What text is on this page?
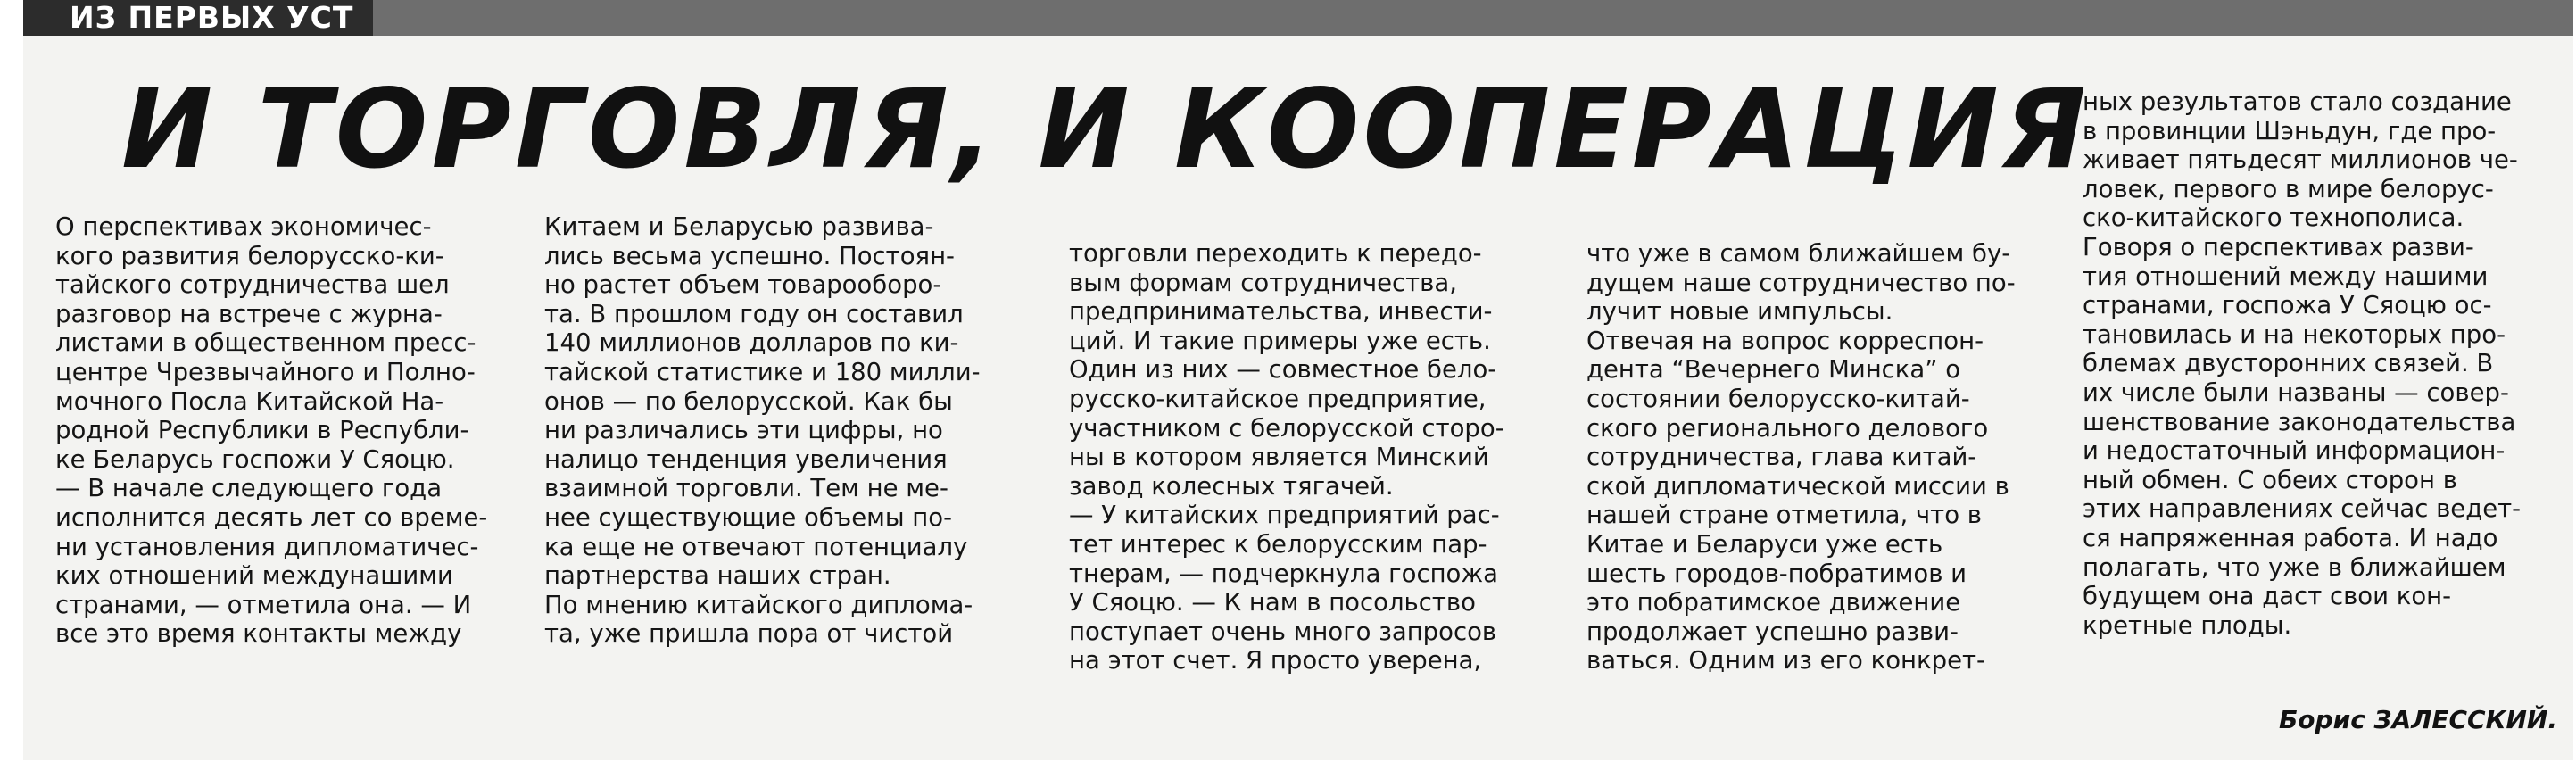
ИЗ ПЕРВЫХ УСТ
И ТОРГОВЛЯ, И КООПЕРАЦИЯ

О перспективах экономичес-

кого развития белорусско-ки-

тайского сотрудничества шел

разговор на встрече с журна-

листами в общественном пресс-

центре Чрезвычайного и Полно-

мочного Посла Китайской На-

родной Республики в Республи-

ке Беларусь госпожи У Сяоцю.

— В начале следующего года

исполнится десять лет со време-

ни установления дипломатичес-

ких отношений междунашими

странами, — отметила она. — И

все это время контакты между

Китаем и Беларусью развива-

лись весьма успешно. Постоян-

но растет объем товарооборо-

та. В прошлом году он составил

140 миллионов долларов по ки-

тайской статистике и 180 милли-

онов — по белорусской. Как бы

ни различались эти цифры, но

налицо тенденция увеличения

взаимной торговли. Тем не ме-

нее существующие объемы по-

ка еще не отвечают потенциалу

партнерства наших стран.

По мнению китайского диплома-

та, уже пришла пора от чистой

торговли переходить к передо-

вым формам сотрудничества,

предпринимательства, инвести-

ций. И такие примеры уже есть.

Один из них — совместное бело-

русско-китайское предприятие,

участником с белорусской сторо-

ны в котором является Минский

завод колесных тягачей.

— У китайских предприятий рас-

тет интерес к белорусским пар-

тнерам, — подчеркнула госпожа

У Сяоцю. — К нам в посольство

поступает очень много запросов

на этот счет. Я просто уверена,

что уже в самом ближайшем бу-

дущем наше сотрудничество по-

лучит новые импульсы.

Отвечая на вопрос корреспон-

дента “Вечернего Минска” о

состоянии белорусско-китай-

ского регионального делового

сотрудничества, глава китай-

ской дипломатической миссии в

нашей стране отметила, что в

Китае и Беларуси уже есть

шесть городов-побратимов и

это побратимское движение

продолжает успешно разви-

ваться. Одним из его конкрет-

ных результатов стало создание

в провинции Шэньдун, где про-

живает пятьдесят миллионов че-

ловек, первого в мире белорус-

ско-китайского технополиса.

Говоря о перспективах разви-

тия отношений между нашими

странами, госпожа У Сяоцю ос-

тановилась и на некоторых про-

блемах двусторонних связей. В

их числе были названы — совер-

шенствование законодательства

и недостаточный информацион-

ный обмен. С обеих сторон в

этих направлениях сейчас ведет-

ся напряженная работа. И надо

полагать, что уже в ближайшем

будущем она даст свои кон-

кретные плоды.

Борис ЗАЛЕССКИЙ.
